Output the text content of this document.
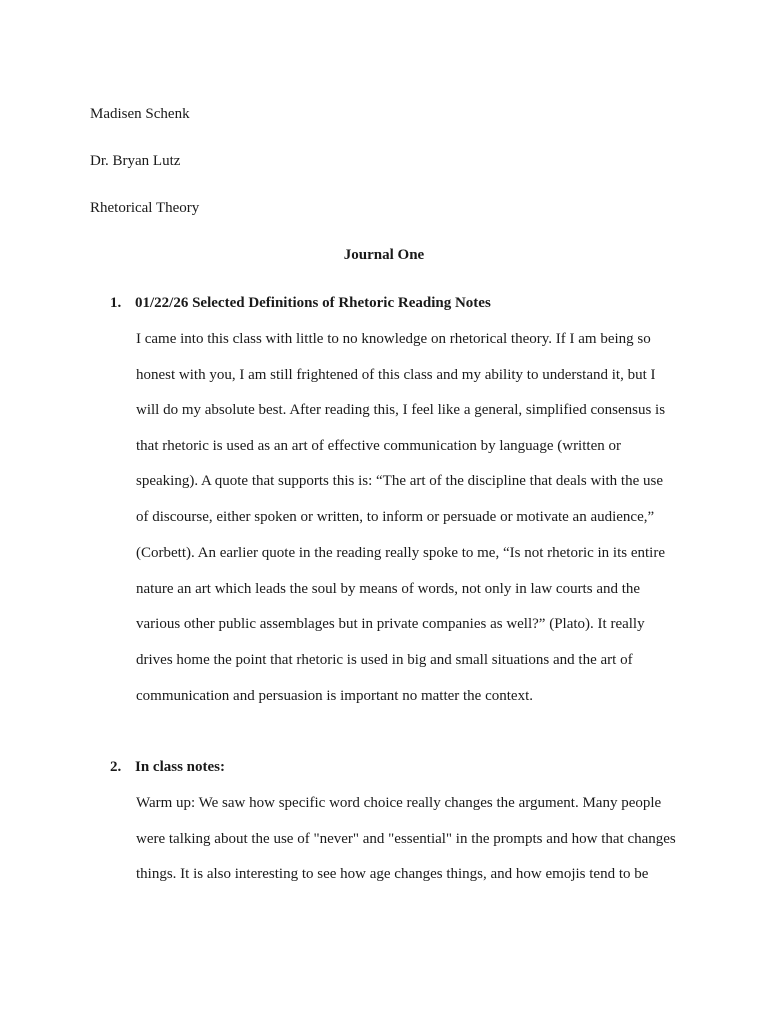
Madisen Schenk
Dr. Bryan Lutz
Rhetorical Theory
Journal One
1. 01/22/26 Selected Definitions of Rhetoric Reading Notes
I came into this class with little to no knowledge on rhetorical theory. If I am being so
honest with you, I am still frightened of this class and my ability to understand it, but I
will do my absolute best. After reading this, I feel like a general, simplified consensus is
that rhetoric is used as an art of effective communication by language (written or
speaking). A quote that supports this is: “The art of the discipline that deals with the use
of discourse, either spoken or written, to inform or persuade or motivate an audience,”
(Corbett). An earlier quote in the reading really spoke to me, “Is not rhetoric in its entire
nature an art which leads the soul by means of words, not only in law courts and the
various other public assemblages but in private companies as well?” (Plato). It really
drives home the point that rhetoric is used in big and small situations and the art of
communication and persuasion is important no matter the context.
2. In class notes:
Warm up: We saw how specific word choice really changes the argument. Many people
were talking about the use of "never" and "essential" in the prompts and how that changes
things. It is also interesting to see how age changes things, and how emojis tend to be
